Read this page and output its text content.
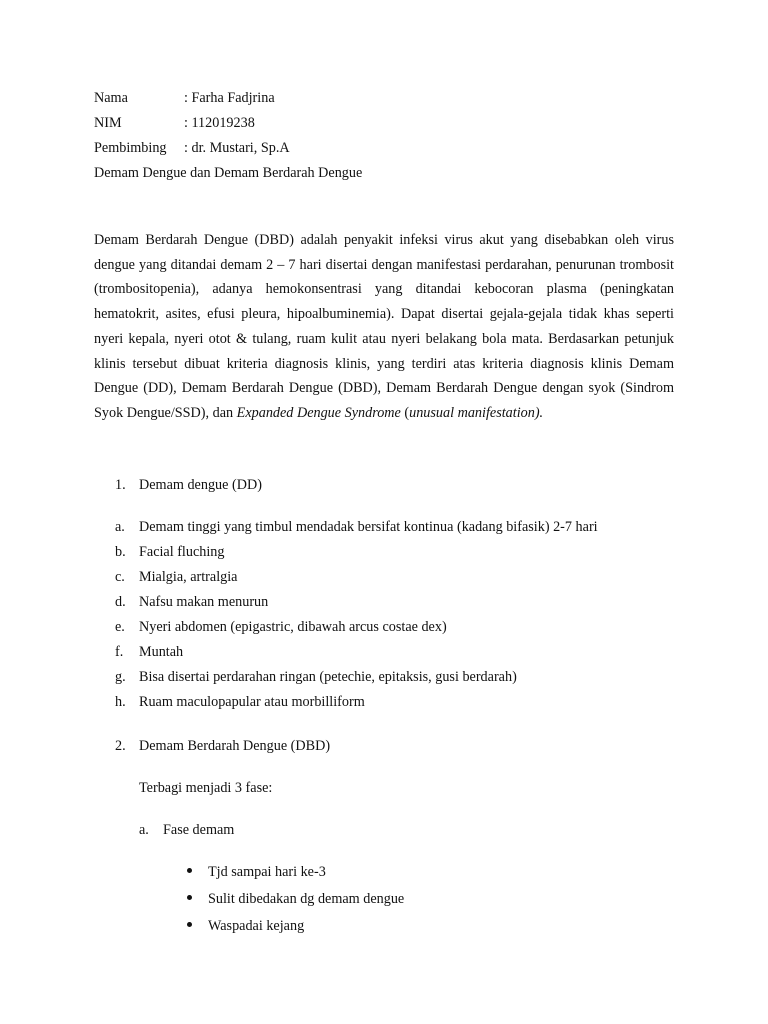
Nama	: Farha Fadjrina
NIM	: 112019238
Pembimbing : dr. Mustari, Sp.A
Demam Dengue dan Demam Berdarah Dengue

Demam Berdarah Dengue (DBD) adalah penyakit infeksi virus akut yang disebabkan oleh virus dengue yang ditandai demam 2 – 7 hari disertai dengan manifestasi perdarahan, penurunan trombosit (trombositopenia), adanya hemokonsentrasi yang ditandai kebocoran plasma (peningkatan hematokrit, asites, efusi pleura, hipoalbuminemia). Dapat disertai gejala-gejala tidak khas seperti nyeri kepala, nyeri otot & tulang, ruam kulit atau nyeri belakang bola mata. Berdasarkan petunjuk klinis tersebut dibuat kriteria diagnosis klinis, yang terdiri atas kriteria diagnosis klinis Demam Dengue (DD), Demam Berdarah Dengue (DBD), Demam Berdarah Dengue dengan syok (Sindrom Syok Dengue/SSD), dan Expanded Dengue Syndrome (unusual manifestation).

1. Demam dengue (DD)
a. Demam tinggi yang timbul mendadak bersifat kontinua (kadang bifasik) 2-7 hari
b. Facial fluching
c. Mialgia, artralgia
d. Nafsu makan menurun
e. Nyeri abdomen (epigastric, dibawah arcus costae dex)
f. Muntah
g. Bisa disertai perdarahan ringan (petechie, epitaksis, gusi berdarah)
h. Ruam maculopapular atau morbilliform
2. Demam Berdarah Dengue (DBD)
Terbagi menjadi 3 fase:
a. Fase demam
Tjd sampai hari ke-3
Sulit dibedakan dg demam dengue
Waspadai kejang
